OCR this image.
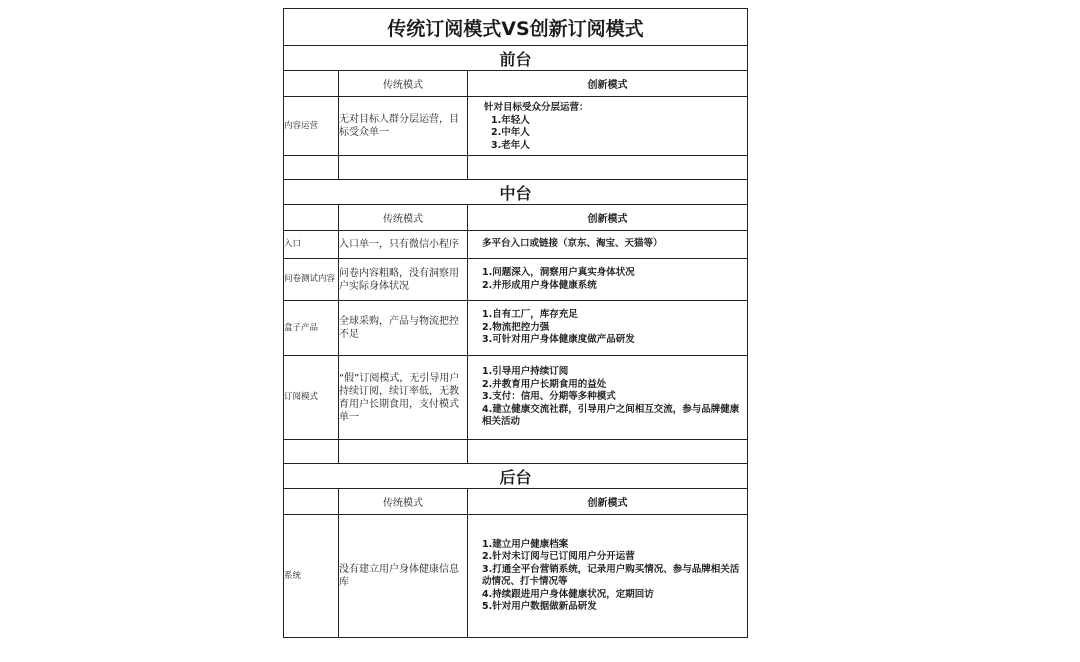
传统订阅模式VS创新订阅模式		
前台		
	传统模式	创新模式
内容运营	无对目标人群分层运营，目标受众单一	针对目标受众分层运营：
1.年轻人
2.中年人
3.老年人

中台		
	传统模式	创新模式
入口	入口单一，只有微信小程序	多平台入口或链接（京东、淘宝、天猫等）

问卷测试内容	问卷内容粗略，没有洞察用户实际身体状况	1.问题深入，洞察用户真实身体状况
2.并形成用户身体健康系统

盒子产品	全球采购，产品与物流把控不足	1.自有工厂，库存充足
2.物流把控力强
3.可针对用户身体健康度做产品研发

订阅模式	“假”订阅模式，无引导用户持续订阅，续订率低，无教育用户长期食用，支付模式单一	1.引导用户持续订阅
2.并教育用户长期食用的益处
3.支付：信用、分期等多种模式
4.建立健康交流社群，引导用户之间相互交流，参与品牌健康相关活动

后台		
	传统模式	创新模式
系统	没有建立用户身体健康信息库	1.建立用户健康档案
2.针对未订阅与已订阅用户分开运营
3.打通全平台营销系统，记录用户购买情况、参与品牌相关活动情况、打卡情况等
4.持续跟进用户身体健康状况，定期回访
5.针对用户数据做新品研发
